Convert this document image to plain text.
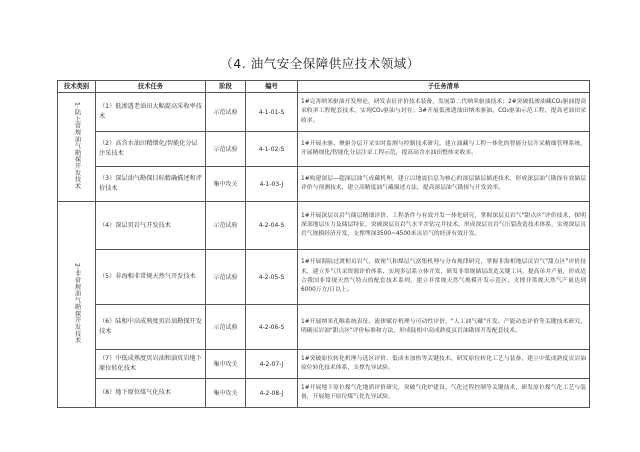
（4. 油气安全保障供应技术领域）
技术类别	技术任务	阶段	编号	子任务清单
1-陆上常规油气勘探开发技术	（1）低渗透老油田大幅提高采收率技术	示范试验	4-1-01-S	1#完善纳米驱油开发理论，研发表征评价技术装备，发展第二代纳米驱油技术；2#突破低渗油藏CO₂驱油提高采收率工程配套技术，实现CO₂驱油与封存；3#开展低渗透油田纳米驱油、CO₂驱油示范工程，提高老油田采收率。
	（2）高含水油田精细化/智能化分层注采技术	示范试验	4-1-02-S	1#开展水驱、聚驱分层开采实时监测与控制技术研究，建立油藏与工程一体化的智能分层开采精细管理系统，开展精细化/智能化分层注采工程示范，提高高含水油田整体采收率。
	（3）深层油气勘探目标精确描述和评价技术	集中攻关	4-1-03-J	1#构建深层—超深层油气成藏机理，建立以地震信息为核心的深层储层描述技术，形成深层油气勘探有效储层评价与预测技术，建立高精度油气藏描述方法，提高深层油气勘探与开发效率。
2-非常规油气勘探开发技术	（4）深层页岩气开发技术	示范试验	4-2-04-S	1#开展深层页岩气储层精细评价、工程条件与有效开发一体化研究，掌握深层页岩气"甜点区"评价技术，探明深部地层压力及储层特征，突破深层页岩气水平井钻完井技术，形成深层页岩气压裂改造技术体系，实现深层页岩气规模经济开发，支撑埋深3500~4500米页岩气的经济有效开发。
	（5）非海相非常规天然气开发技术	示范试验	4-2-05-S	1#开展海陆过渡相页岩气、致密气和煤层气富集机理与分布规律研究，掌握非海相地层页岩气"甜点区"评价技术，建立多气共采资源评价体系，实现多层系立体开发，研发非常规储层改造关键工具，提高单井产量，形成适合我国非常规天然气特点的配套技术系列，建立非常规天然气规模开发示范区，支撑非常规天然气产量达到6000万方/日以上。
	（6）陆相中高成熟度页岩油勘探开发技术	示范试验	4-2-06-S	1#开展纳米孔喉系统表征、流体赋存机理与可动性评价，"人工油气藏"开发、产能动态评价等关键技术研究，明确页岩油"甜点区"评价标准和方法，形成陆相中高成熟度页岩油勘探开发配套技术。
	（7）中低成熟度页岩油和油页岩地下原位转化技术	集中攻关	4-2-07-J	1#突破原位转化机理与选区评价、低成本加热等关键技术，研发原位转化工艺与装备，建立中低成熟度页岩油原位转化技术体系，支撑先导试验。
	（8）地下原位煤气化技术	集中攻关	4-2-08-J	1#开展地下原位煤气化地质评价研究，突破气化炉建设、气化过程控制等关键技术，研发原位煤气化工艺与装备，开展地下原位煤气化先导试验。
